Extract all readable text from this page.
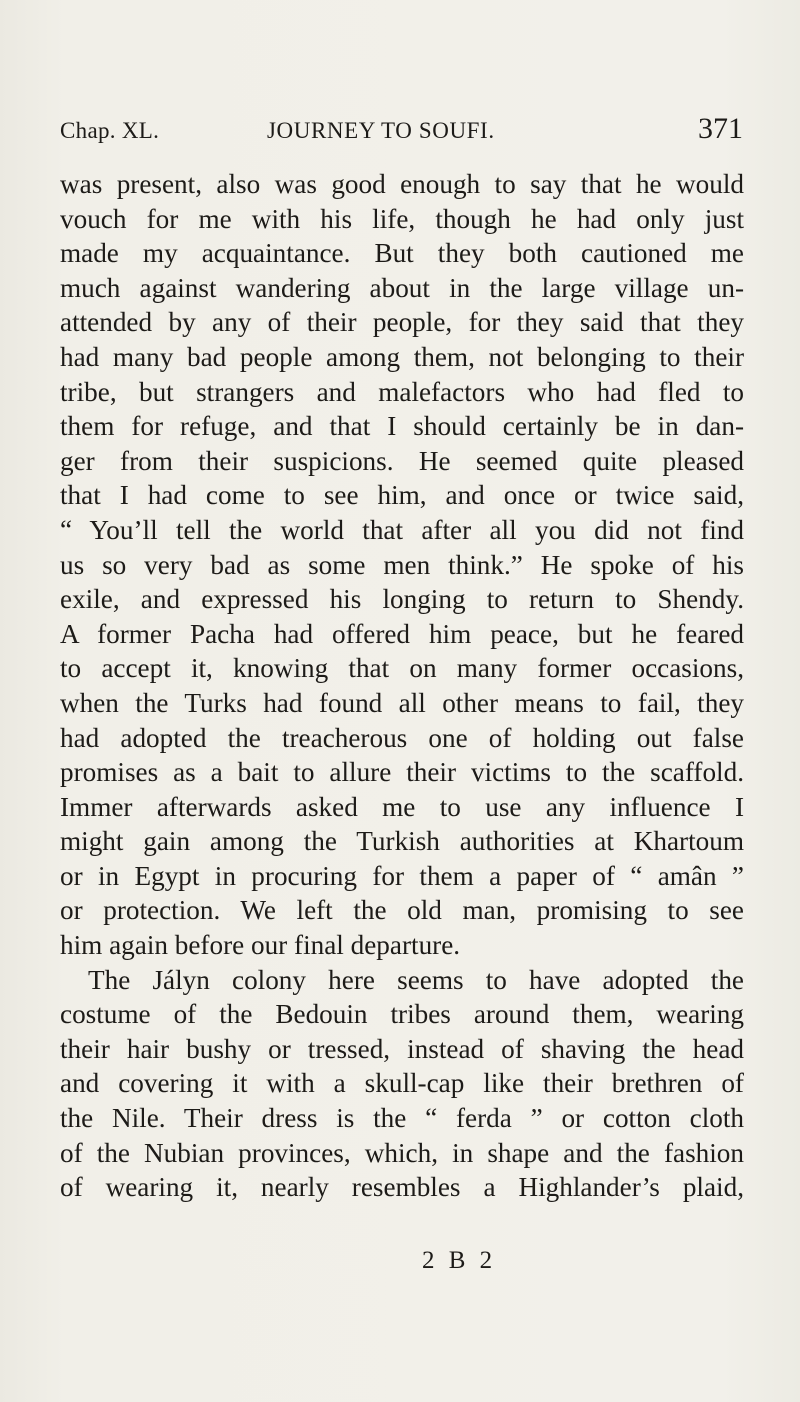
Chap. XL.	JOURNEY TO SOUFI.	371
was present, also was good enough to say that he would
vouch for me with his life, though he had only just
made my acquaintance. But they both cautioned me
much against wandering about in the large village un-
attended by any of their people, for they said that they
had many bad people among them, not belonging to their
tribe, but strangers and malefactors who had fled to
them for refuge, and that I should certainly be in dan-
ger from their suspicions. He seemed quite pleased
that I had come to see him, and once or twice said,
“ You’ll tell the world that after all you did not find
us so very bad as some men think.” He spoke of his
exile, and expressed his longing to return to Shendy.
A former Pacha had offered him peace, but he feared
to accept it, knowing that on many former occasions,
when the Turks had found all other means to fail, they
had adopted the treacherous one of holding out false
promises as a bait to allure their victims to the scaffold.
Immer afterwards asked me to use any influence I
might gain among the Turkish authorities at Khartoum
or in Egypt in procuring for them a paper of “ amân ”
or protection. We left the old man, promising to see
him again before our final departure.
The Jályn colony here seems to have adopted the
costume of the Bedouin tribes around them, wearing
their hair bushy or tressed, instead of shaving the head
and covering it with a skull-cap like their brethren of
the Nile. Their dress is the “ ferda ” or cotton cloth
of the Nubian provinces, which, in shape and the fashion
of wearing it, nearly resembles a Highlander’s plaid,
2 B 2
